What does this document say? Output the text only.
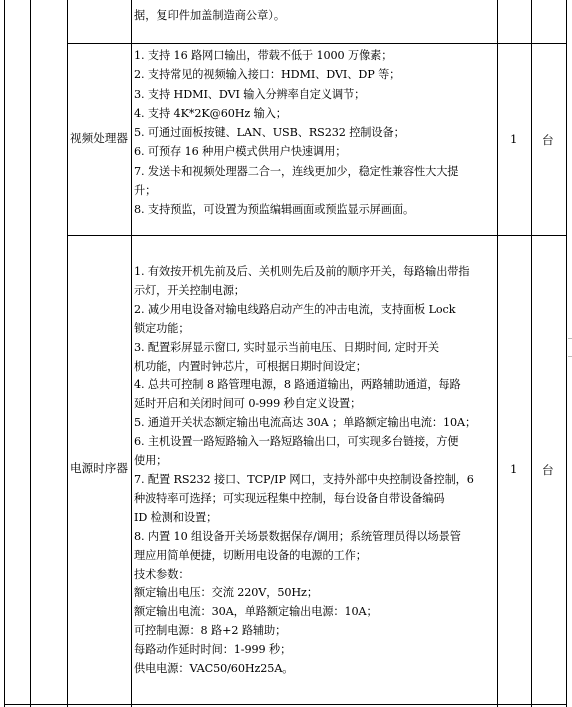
据，复印件加盖制造商公章）。
视频处理器
1. 支持 16 路网口输出，带载不低于 1000 万像素；
2. 支持常见的视频输入接口：HDMI、DVI、DP 等；
3. 支持 HDMI、DVI 输入分辨率自定义调节；
4. 支持 4K*2K@60Hz 输入；
5. 可通过面板按键、LAN、USB、RS232 控制设备；
6. 可预存 16 种用户模式供用户快速调用；
7. 发送卡和视频处理器二合一，连线更加少，稳定性兼容性大大提
升；
8. 支持预监，可设置为预监编辑画面或预监显示屏画面。
1 台
电源时序器
1. 有效按开机先前及后、关机则先后及前的顺序开关，每路输出带指
示灯，开关控制电源；
2. 减少用电设备对输电线路启动产生的冲击电流，支持面板 Lock
锁定功能；
3. 配置彩屏显示窗口, 实时显示当前电压、日期时间, 定时开关
机功能，内置时钟芯片，可根据日期时间设定；
4. 总共可控制 8 路管理电源，8 路通道输出，两路辅助通道，每路
延时开启和关闭时间可 0-999 秒自定义设置；
5. 通道开关状态额定输出电流高达 30A ；单路额定输出电流：10A；
6. 主机设置一路短路输入一路短路输出口，可实现多台链接，方便
使用；
7. 配置 RS232 接口、TCP/IP 网口，支持外部中央控制设备控制，6
种波特率可选择；可实现远程集中控制，每台设备自带设备编码
ID 检测和设置；
8. 内置 10 组设备开关场景数据保存/调用；系统管理员得以场景管
理应用简单便捷，切断用电设备的电源的工作；
技术参数：
额定输出电压：交流 220V，50Hz；
额定输出电流：30A，单路额定输出电源：10A；
可控制电源：8 路+2 路辅助；
每路动作延时时间：1-999 秒；
供电电源：VAC50/60Hz25A。
1 台
